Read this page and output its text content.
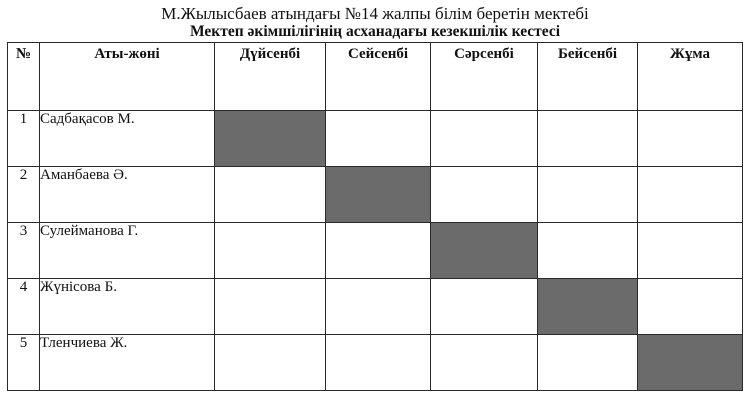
М.Жылысбаев атындағы №14 жалпы білім беретін мектебі
Мектеп әкімшілігінің асханадағы кезекшілік кестесі
№	Аты-жөні	Дүйсенбі	Сейсенбі	Сәрсенбі	Бейсенбі	Жұма
1	Садбақасов М.					
2	Аманбаева Ә.					
3	Сулейманова Г.					
4	Жүнісова Б.					
5	Тленчиева Ж.					
